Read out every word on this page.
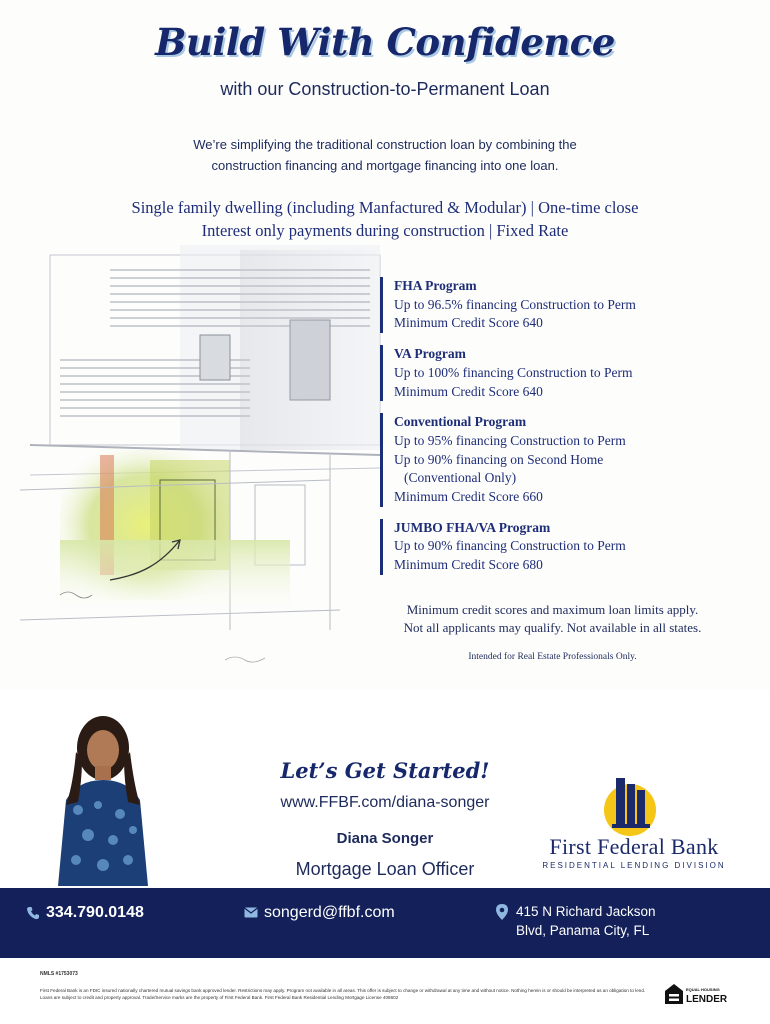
Build With Confidence
with our Construction-to-Permanent Loan
We’re simplifying the traditional construction loan by combining the
construction financing and mortgage financing into one loan.
Single family dwelling (including Manfactured & Modular) | One-time close
Interest only payments during construction | Fixed Rate
FHA Program
Up to 96.5% financing Construction to Perm
Minimum Credit Score 640
VA Program
Up to 100% financing Construction to Perm
Minimum Credit Score 640
Conventional Program
Up to 95% financing Construction to Perm
Up to 90% financing on Second Home
(Conventional Only)
Minimum Credit Score 660
JUMBO FHA/VA Program
Up to 90% financing Construction to Perm
Minimum Credit Score 680
Minimum credit scores and maximum loan limits apply.
Not all applicants may qualify. Not available in all states.
Intended for Real Estate Professionals Only.
Let’s Get Started!
www.FFBF.com/diana-songer
Diana Songer
Mortgage Loan Officer
First Federal Bank
RESIDENTIAL LENDING DIVISION
334.790.0148	songerd@ffbf.com	415 N Richard Jackson
Blvd, Panama City, FL
NMLS #1753073
First Federal Bank is an FDIC insured nationally chartered mutual savings bank approved lender. Restrictions may apply. Program not available in all areas. This offer is subject to change or withdrawal at any time and without notice. Nothing herein is or should be interpreted as an obligation to lend. Loans are subject to credit and property approval. Trade/Service marks are the property of First Federal Bank. First Federal Bank Residential Lending Mortgage License 408602
EQUAL HOUSING
LENDER
